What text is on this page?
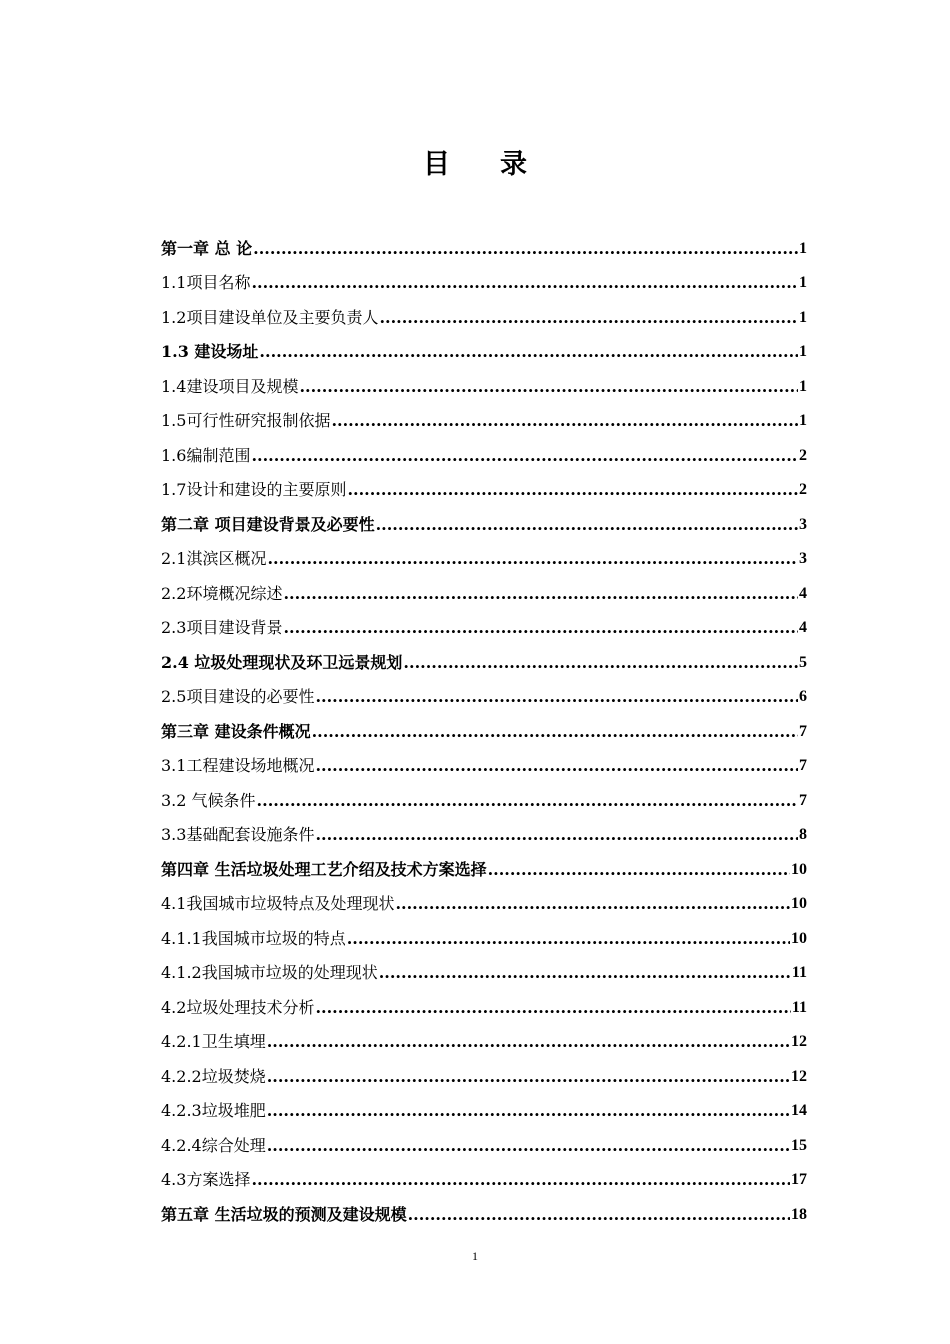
目录
第一章 总 论 .....	1
1.1项目名称 .....	1
1.2项目建设单位及主要负责人 .....	1
1.3 建设场址 .....	1
1.4建设项目及规模 .....	1
1.5可行性研究报制依据 .....	1
1.6编制范围 .....	2
1.7设计和建设的主要原则 .....	2
第二章 项目建设背景及必要性 .....	3
2.1淇滨区概况 .....	3
2.2环境概况综述 .....	4
2.3项目建设背景 .....	4
2.4 垃圾处理现状及环卫远景规划 .....	5
2.5项目建设的必要性 .....	6
第三章 建设条件概况 .....	7
3.1工程建设场地概况 .....	7
3.2 气候条件 .....	7
3.3基础配套设施条件 .....	8
第四章 生活垃圾处理工艺介绍及技术方案选择 .....	10
4.1我国城市垃圾特点及处理现状 .....	10
4.1.1我国城市垃圾的特点 .....	10
4.1.2我国城市垃圾的处理现状 .....	11
4.2垃圾处理技术分析 .....	11
4.2.1卫生填埋 .....	12
4.2.2垃圾焚烧 .....	12
4.2.3垃圾堆肥 .....	14
4.2.4综合处理 .....	15
4.3方案选择 .....	17
第五章 生活垃圾的预测及建设规模 .....	18
1
